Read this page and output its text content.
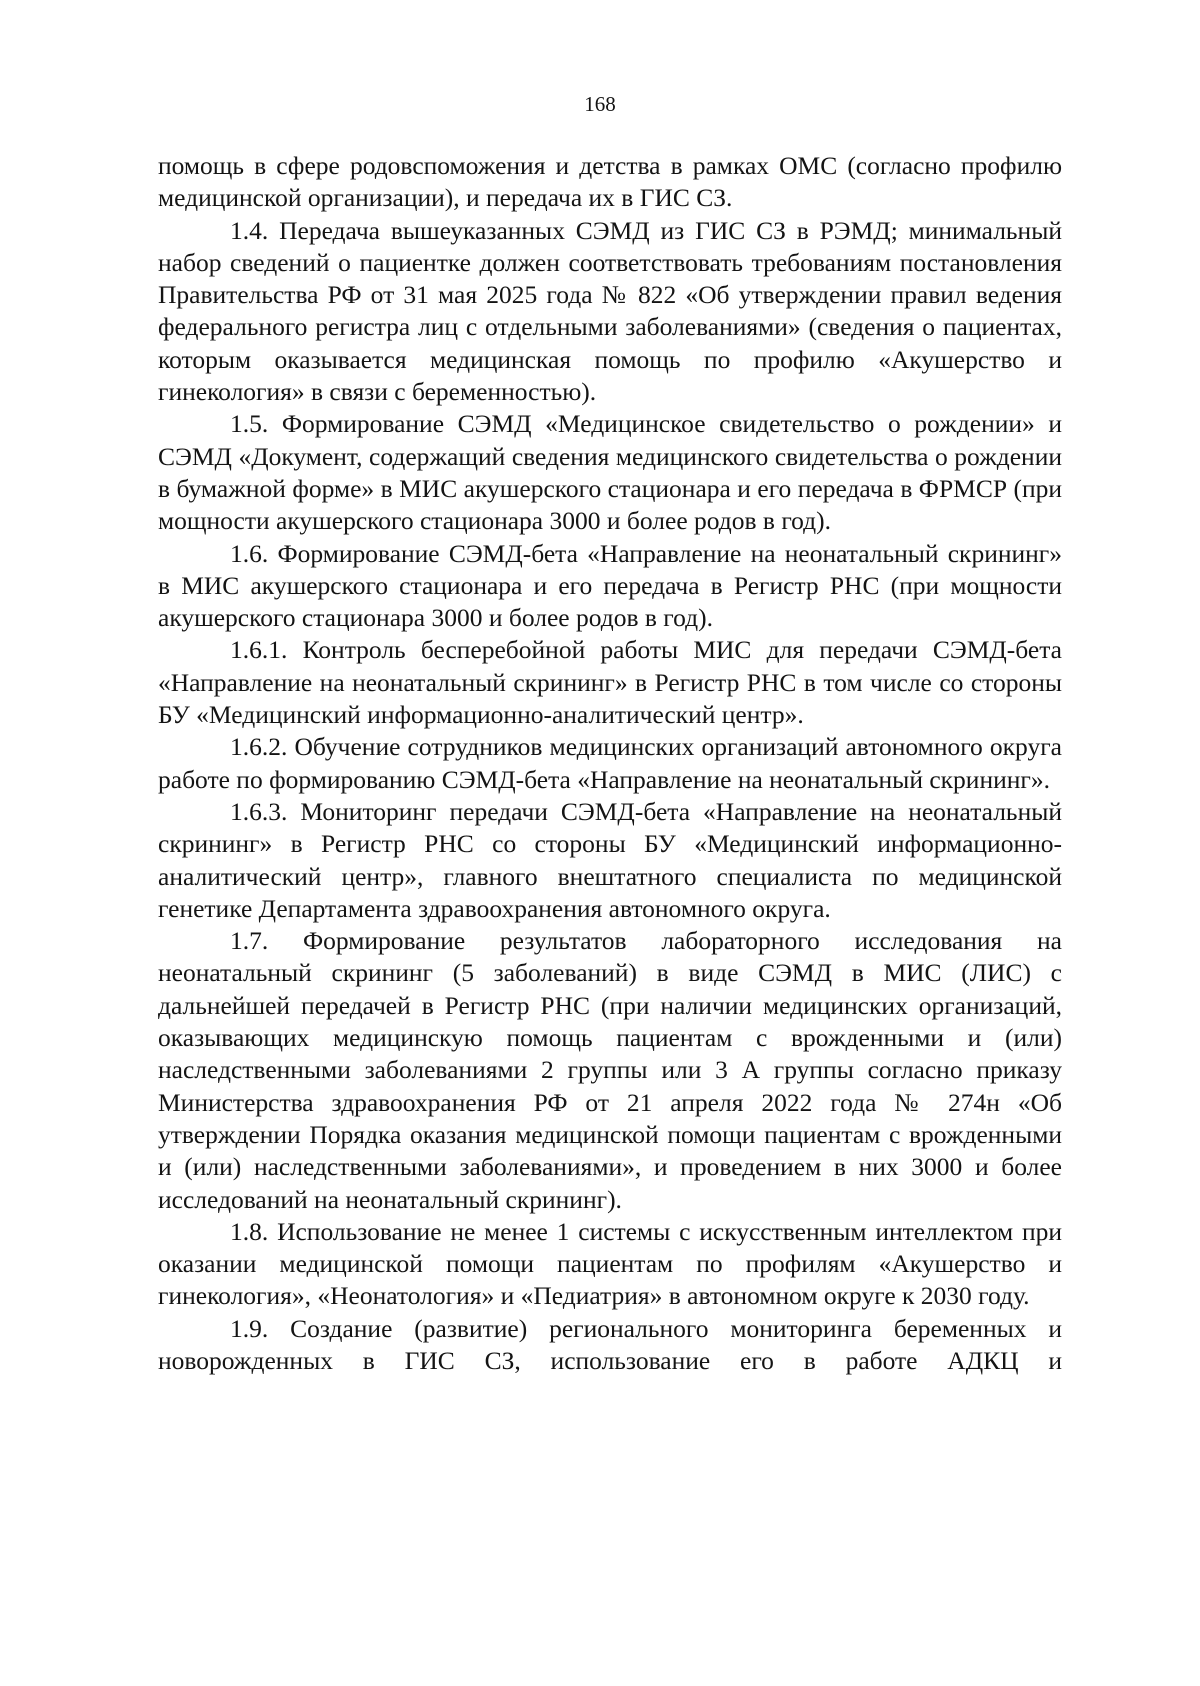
168

помощь в сфере родовспоможения и детства в рамках ОМС (согласно профилю медицинской организации), и передача их в ГИС СЗ.

1.4. Передача вышеуказанных СЭМД из ГИС СЗ в РЭМД; минимальный набор сведений о пациентке должен соответствовать требованиям постановления Правительства РФ от 31 мая 2025 года № 822 «Об утверждении правил ведения федерального регистра лиц с отдельными заболеваниями» (сведения о пациентах, которым оказывается медицинская помощь по профилю «Акушерство и гинекология» в связи с беременностью).

1.5. Формирование СЭМД «Медицинское свидетельство о рождении» и СЭМД «Документ, содержащий сведения медицинского свидетельства о рождении в бумажной форме» в МИС акушерского стационара и его передача в ФРМСР (при мощности акушерского стационара 3000 и более родов в год).

1.6. Формирование СЭМД-бета «Направление на неонатальный скрининг» в МИС акушерского стационара и его передача в Регистр РНС (при мощности акушерского стационара 3000 и более родов в год).

1.6.1. Контроль бесперебойной работы МИС для передачи СЭМД-бета «Направление на неонатальный скрининг» в Регистр РНС в том числе со стороны БУ «Медицинский информационно-аналитический центр».

1.6.2. Обучение сотрудников медицинских организаций автономного округа работе по формированию СЭМД-бета «Направление на неонатальный скрининг».

1.6.3. Мониторинг передачи СЭМД-бета «Направление на неонатальный скрининг» в Регистр РНС со стороны БУ «Медицинский информационно-аналитический центр», главного внештатного специалиста по медицинской генетике Департамента здравоохранения автономного округа.

1.7. Формирование результатов лабораторного исследования на неонатальный скрининг (5 заболеваний) в виде СЭМД в МИС (ЛИС) с дальнейшей передачей в Регистр РНС (при наличии медицинских организаций, оказывающих медицинскую помощь пациентам с врожденными и (или) наследственными заболеваниями 2 группы или 3 А группы согласно приказу Министерства здравоохранения РФ от 21 апреля 2022 года № 274н «Об утверждении Порядка оказания медицинской помощи пациентам с врожденными и (или) наследственными заболеваниями», и проведением в них 3000 и более исследований на неонатальный скрининг).

1.8. Использование не менее 1 системы с искусственным интеллектом при оказании медицинской помощи пациентам по профилям «Акушерство и гинекология», «Неонатология» и «Педиатрия» в автономном округе к 2030 году.

1.9. Создание (развитие) регионального мониторинга беременных и новорожденных в ГИС СЗ, использование его в работе АДКЦ и
